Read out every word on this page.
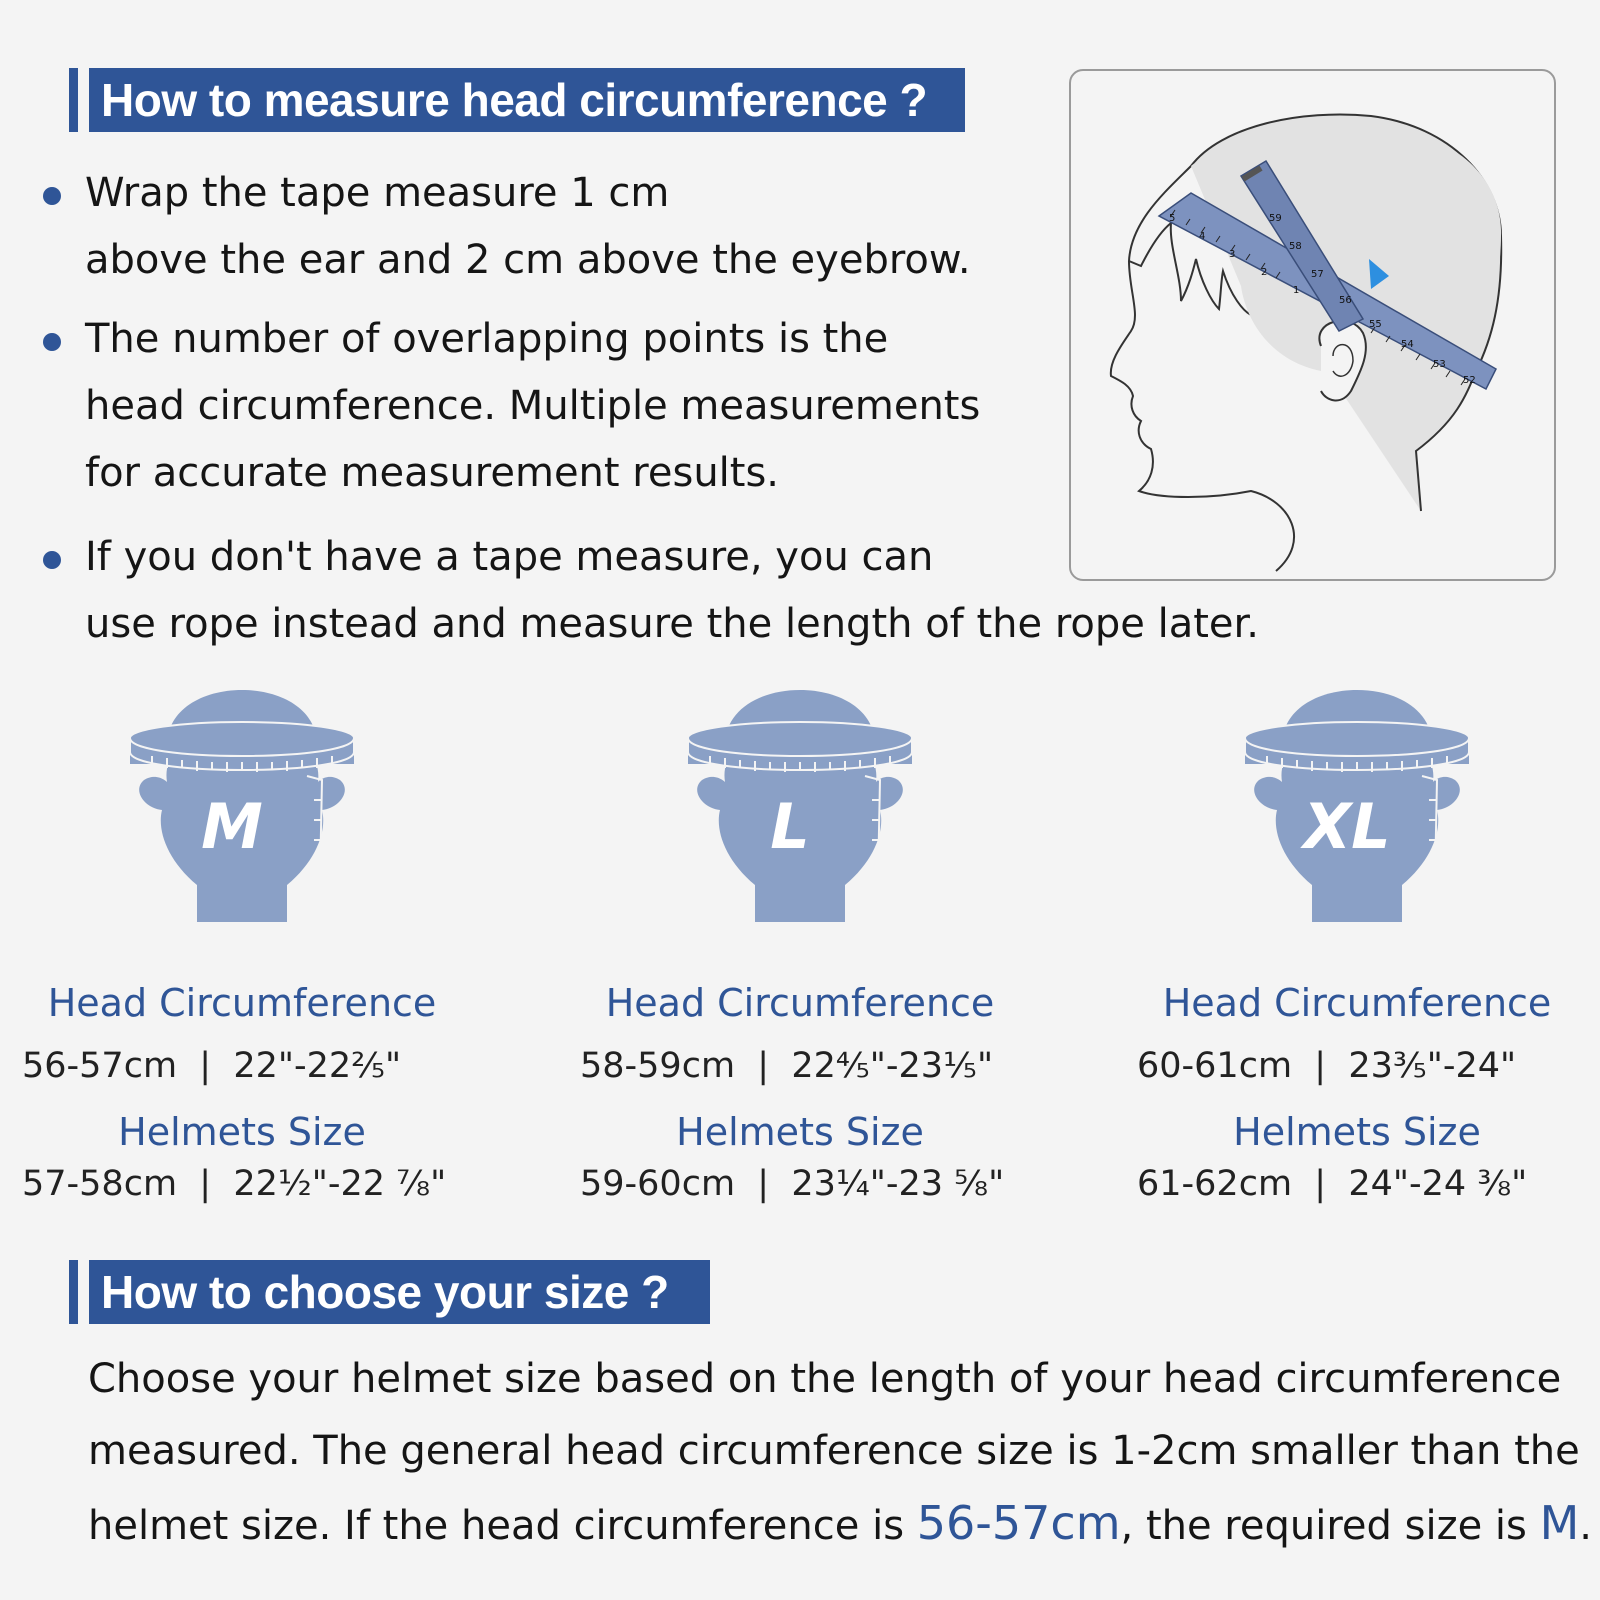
How to measure head circumference ?
Wrap the tape measure 1 cm
above the ear and 2 cm above the eyebrow.
The number of overlapping points is the
head circumference. Multiple measurements
for accurate measurement results.
If you don't have a tape measure, you can
use rope instead and measure the length of the rope later.
5
4
3
2
1
59
58
57
56
55
54
53
52
M
Head Circumference
56-57cm  |  22"-22⅖"
Helmets Size
57-58cm  |  22½"-22 ⅞"
L
Head Circumference
58-59cm  |  22⅘"-23⅕"
Helmets Size
59-60cm  |  23¼"-23 ⅝"
XL
Head Circumference
60-61cm  |  23⅗"-24"
Helmets Size
61-62cm  |  24"-24 ⅜"
How to choose your size ?
Choose your helmet size based on the length of your head circumference
measured. The general head circumference size is 1-2cm smaller than the
helmet size. If the head circumference is 56-57cm, the required size is M.
